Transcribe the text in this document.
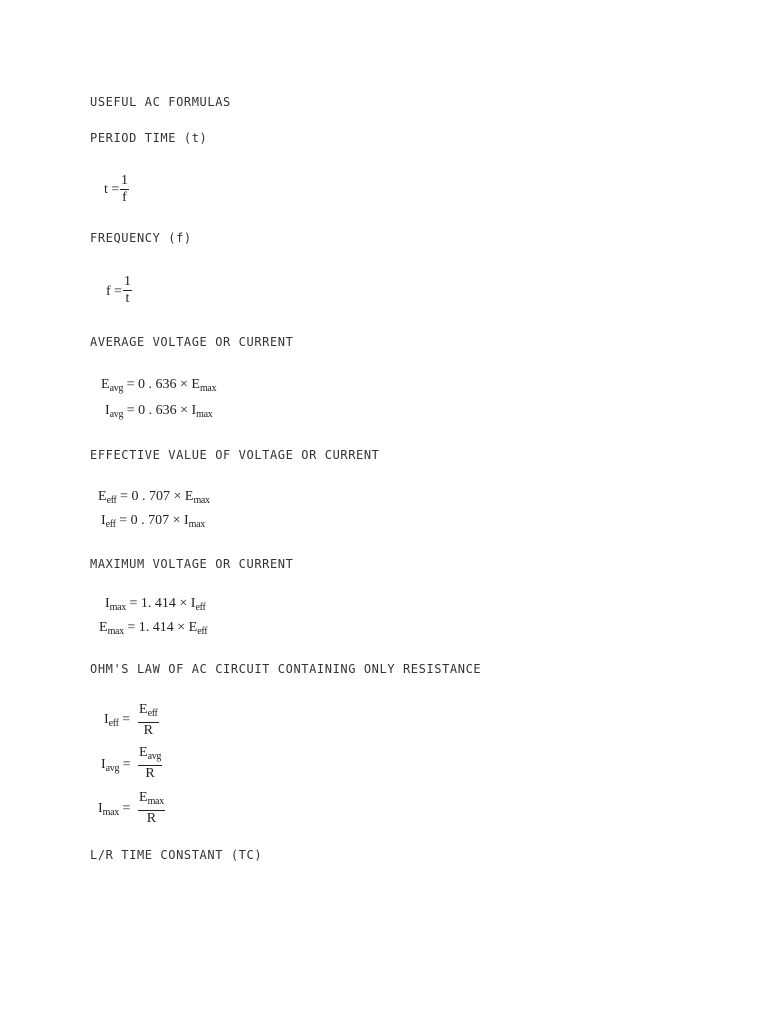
USEFUL AC FORMULAS
PERIOD TIME (t)
t =
1
f
FREQUENCY (f)
f =
1
t
AVERAGE VOLTAGE OR CURRENT
$E_{avg} = 0$ . $636 \times E_{max}$
$I_{avg} = 0$ . $636 \times I_{max}$
EFFECTIVE VALUE OF VOLTAGE OR CURRENT
$E_{eff} = 0$ . $707 \times E_{max}$
$I_{eff} = 0$ . $707 \times I_{max}$
MAXIMUM VOLTAGE OR CURRENT
$I_{max} = 1$. $414 \times I_{eff}$
$E_{max} = 1$. $414 \times E_{eff}$
OHM'S LAW OF AC CIRCUIT CONTAINING ONLY RESISTANCE
$I_{eff}$ =
$E_{eff}$
R
$I_{avg}$ =
$E_{avg}$
R
$I_{max}$ =
$E_{max}$
R
L/R TIME CONSTANT (TC)
